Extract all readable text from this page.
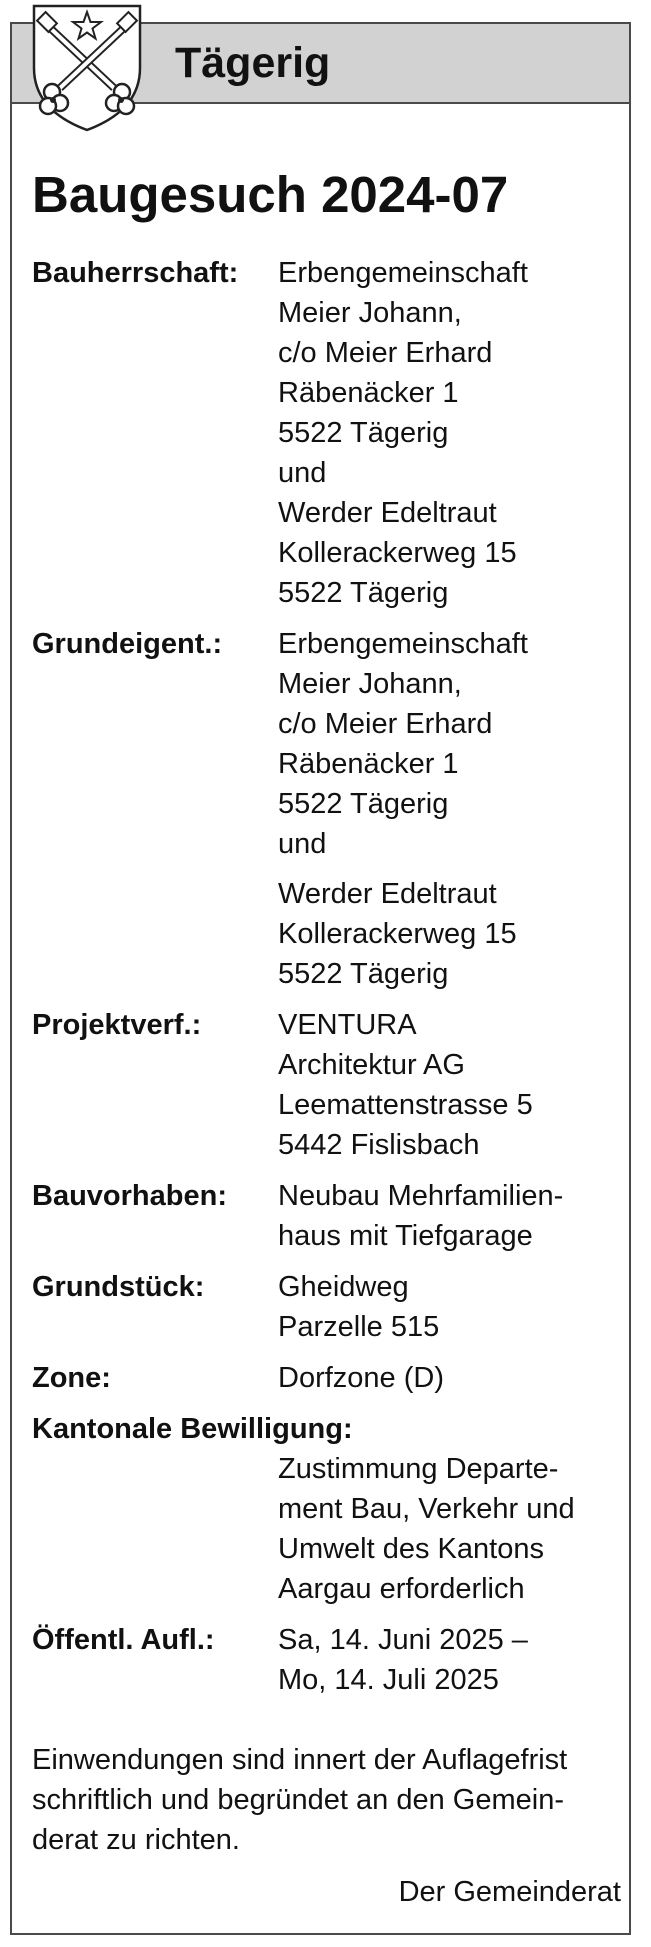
Tägerig
Baugesuch 2024-07
Bauherrschaft: Erbengemeinschaft
Meier Johann,
c/o Meier Erhard
Räbenäcker 1
5522 Tägerig
und
Werder Edeltraut
Kollerackerweg 15
5522 Tägerig
Grundeigent.: Erbengemeinschaft
Meier Johann,
c/o Meier Erhard
Räbenäcker 1
5522 Tägerig
und
Werder Edeltraut
Kollerackerweg 15
5522 Tägerig
Projektverf.:	VENTURA
Architektur AG
Leemattenstrasse 5
5442 Fislisbach
Bauvorhaben: Neubau Mehrfamilien-
haus mit Tiefgarage
Grundstück:	Gheidweg
Parzelle 515
Zone:	Dorfzone (D)
Kantonale Bewilligung:
Zustimmung Departe-
ment Bau, Verkehr und
Umwelt des Kantons
Aargau erforderlich
Öffentl. Aufl.: Sa, 14. Juni 2025 –
Mo, 14. Juli 2025
Einwendungen sind innert der Auflagefrist
schriftlich und begründet an den Gemein-
derat zu richten.
Der Gemeinderat
